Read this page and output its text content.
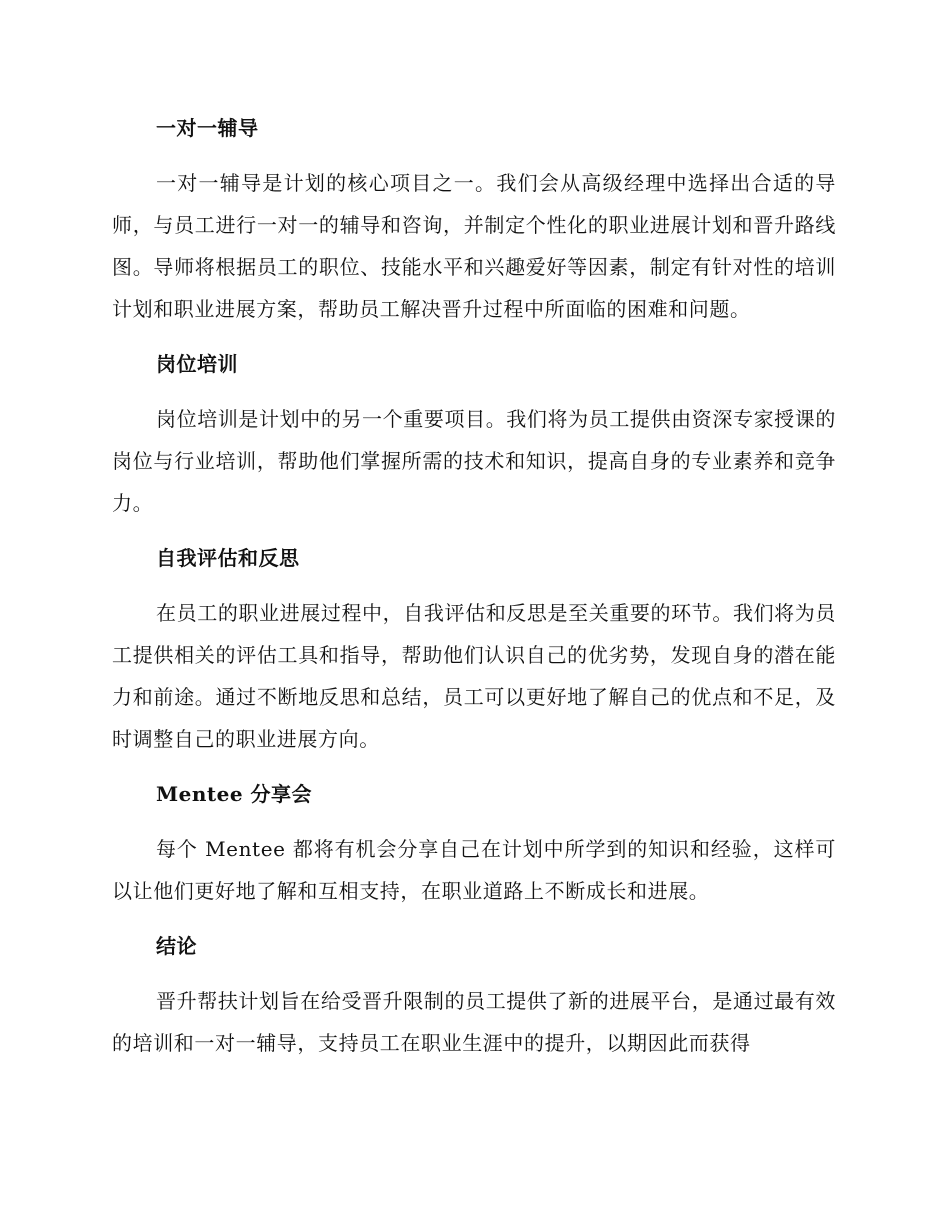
一对一辅导

一对一辅导是计划的核心项目之一。我们会从高级经理中选择出合适的导师，与员工进行一对一的辅导和咨询，并制定个性化的职业进展计划和晋升路线图。导师将根据员工的职位、技能水平和兴趣爱好等因素，制定有针对性的培训计划和职业进展方案，帮助员工解决晋升过程中所面临的困难和问题。

岗位培训

岗位培训是计划中的另一个重要项目。我们将为员工提供由资深专家授课的岗位与行业培训，帮助他们掌握所需的技术和知识，提高自身的专业素养和竞争力。

自我评估和反思

在员工的职业进展过程中，自我评估和反思是至关重要的环节。我们将为员工提供相关的评估工具和指导，帮助他们认识自己的优劣势，发现自身的潜在能力和前途。通过不断地反思和总结，员工可以更好地了解自己的优点和不足，及时调整自己的职业进展方向。

Mentee 分享会

每个 Mentee 都将有机会分享自己在计划中所学到的知识和经验，这样可以让他们更好地了解和互相支持，在职业道路上不断成长和进展。

结论

晋升帮扶计划旨在给受晋升限制的员工提供了新的进展平台，是通过最有效的培训和一对一辅导，支持员工在职业生涯中的提升，以期因此而获得
